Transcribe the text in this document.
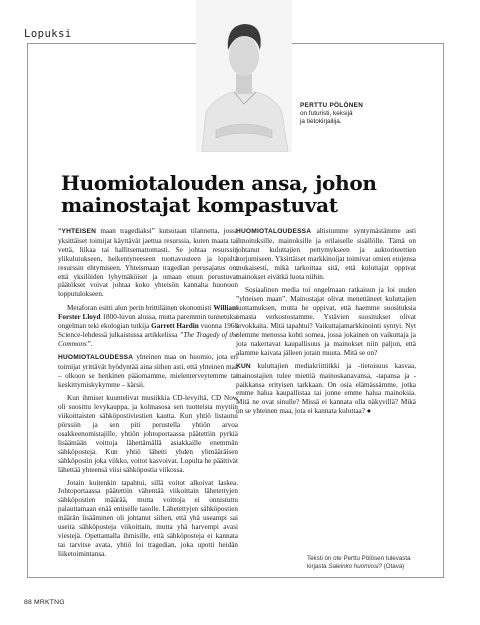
Lopuksi
PERTTU PÖLÖNEN
on futuristi, keksijä
ja tietokirjailija.
Huomiotalouden ansa, johon mainostajat kompastuvat

”YHTEISEN maan tragediaksi” kutsutaan tilannetta, jossa yksittäiset toimijat käyttävät jaettua resurssia, kuten maata tai vettä, liikaa tai hallitsemattomasti. Se johtaa resurssin ylikulutukseen, heikentyneeseen tuottavuuteen ja lopulta resurssin ehtymiseen. Yhteismaan tragedian perusajatus on, että yksilöiden lyhytnäköiset ja omaan etuun perustuvat päätökset voivat johtaa koko yhteisön kannalta huonoon lopputulokseen.

Metaforan esitti alun perin brittiläinen ekonomisti William Forster Lloyd 1800-luvun alussa, mutta paremmin tunnetuksi ongelman teki ekologian tutkija Garrett Hardin vuonna 1968 Science-lehdessä julkaistussa artikkelissa ”The Tragedy of the Commons”.

HUOMIOTALOUDESSA yhteinen maa on huomio, jota eri toimijat yrittävät hyödyntää aina siihen asti, että yhteinen maa – olkoon se henkinen pääomamme, mielenterveytemme tai keskittymiskykymme – kärsii.

Kun ihmiset kuuntelivat musiikkia CD-levyiltä, CD Now oli suosittu levykauppa, ja kolmasosa sen tuotteista myytiin viikoittaisten sähköpostiviestien kautta. Kun yhtiö listautui pörssiin ja sen piti perustella yhtiön arvoa osakkeenomistajille, yhtiön johtoportaassa päätettiin pyrkiä lisäämään voittoja lähettämällä asiakkaille enemmän sähköposteja. Kun yhtiö lähetti yhden ylimääräisen sähköpostin joka viikko, voitot kasvoivat. Lopulta he päättivät lähettää yhteensä viisi sähköpostia viikossa.

Jotain kuitenkin tapahtui, sillä voitot alkoivat laskea. Johtoportaassa päätettiin vähentää viikoittain lähetettyjen sähköpostien määrää, mutta voittoja ei onnistuttu palauttamaan enää entiselle tasolle. Lähetettyjen sähköpostien määrän lisääminen oli johtanut siihen, että yhä useampi sai useita sähköposteja viikoittain, mutta yhä harvempi avasi viestejä. Opettamalla ihmisille, että sähköposteja ei kannata tai tarvitse avata, yhtiö loi tragedian, joka upotti heidän liiketoimintansa.

HUOMIOTALOUDESSA altistumme syntymästämme asti ilmoituksille, mainoksille ja erilaiselle sisällölle. Tämä on johtanut kuluttajien pettymykseen ja auktoriteettien horjumiseen. Yksittäiset markkinoijat toimivat omien etujensa mukaisesti, mikä tarkoittaa sitä, että kuluttajat oppivat mainokset eivätkä luota niihin.

Sosiaalinen media toi ongelmaan ratkaisun ja loi uuden ”yhteisen maan”. Mainostajat olivat menettäneet kuluttajien luottamuksen, mutta he oppivat, että haemme suosituksia omasta verkostostamme. Ystävien suositukset olivat arvokkaita. Mitä tapahtui? Vaikuttajamarkkinointi syntyi. Nyt olemme menossa kohti somea, jossa jokainen on vaikuttaja ja jota nakertavat kaupallisuus ja mainokset niin paljon, että alamme kaivata jälleen jotain muuta. Mitä se on?

KUN kuluttajien mediakriittiikki ja -tietoisuus kasvaa, mainostajien tulee miettiä mainoskanavansa, -tapansa ja -paikkansa erityisen tarkkaan. On osia elämässämme, jotka emme halua kaupallistaa tai jonne emme halua mainoksia. Mitä ne ovat sinulle? Missä ei kannata olla näkyvillä? Mikä on se yhteinen maa, jota ei kannata kuluttaa? ●

Teksti on ote Perttu Pölösen tulevasta
kirjasta Saleinko huomiosi? (Otava)
88 MRKTNG
